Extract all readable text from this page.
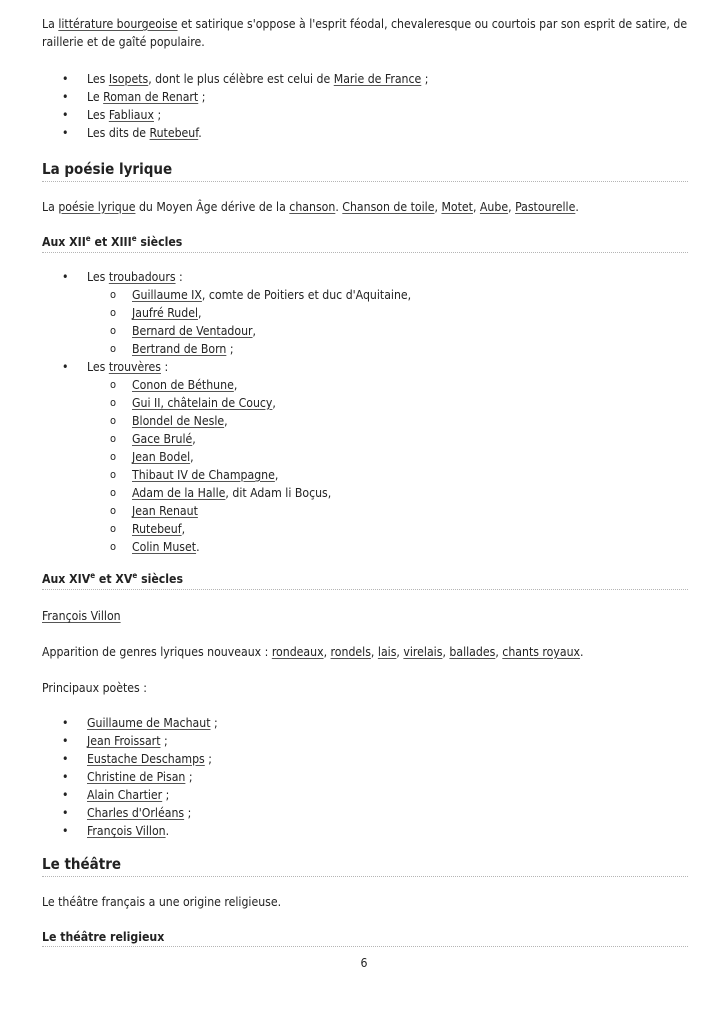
La littérature bourgeoise et satirique s'oppose à l'esprit féodal, chevaleresque ou courtois par son esprit de satire, de raillerie et de gaîté populaire.

• Les Isopets, dont le plus célèbre est celui de Marie de France ;
• Le Roman de Renart ;
• Les Fabliaux ;
• Les dits de Rutebeuf.
La poésie lyrique

La poésie lyrique du Moyen Âge dérive de la chanson. Chanson de toile, Motet, Aube, Pastourelle.

Aux XIIe et XIIIe siècles
• Les troubadours :
o Guillaume IX, comte de Poitiers et duc d'Aquitaine,
o Jaufré Rudel,
o Bernard de Ventadour,
o Bertrand de Born ;
• Les trouvères :
o Conon de Béthune,
o Gui II, châtelain de Coucy,
o Blondel de Nesle,
o Gace Brulé,
o Jean Bodel,
o Thibaut IV de Champagne,
o Adam de la Halle, dit Adam li Boçus,
o Jean Renaut
o Rutebeuf,
o Colin Muset.
Aux XIVe et XVe siècles

François Villon

Apparition de genres lyriques nouveaux : rondeaux, rondels, lais, virelais, ballades, chants royaux.

Principaux poètes :

• Guillaume de Machaut ;
• Jean Froissart ;
• Eustache Deschamps ;
• Christine de Pisan ;
• Alain Chartier ;
• Charles d'Orléans ;
• François Villon.
Le théâtre

Le théâtre français a une origine religieuse.

Le théâtre religieux
6
